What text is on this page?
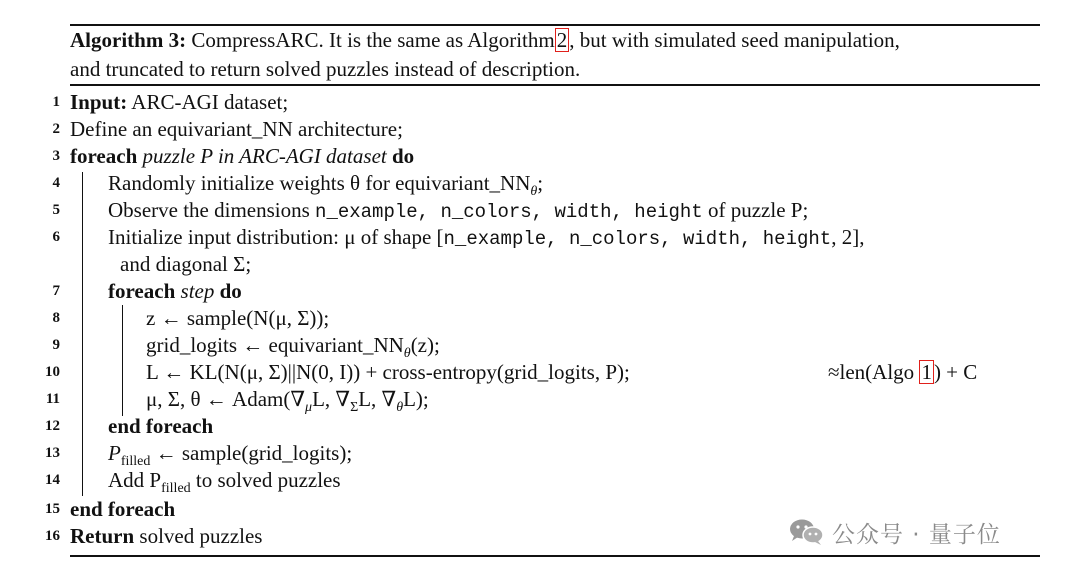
Algorithm 3: CompressARC. It is the same as Algorithm2, but with simulated seed manipulation,
and truncated to return solved puzzles instead of description.
1 Input: ARC-AGI dataset;
2 Define an equivariant_NN architecture;
3 foreach puzzle P in ARC-AGI dataset do
4 Randomly initialize weights θ for $equivariant\_NN_\theta$;
5 Observe the dimensions n_example, n_colors, width, height of puzzle P;
6 Initialize input distribution: μ of shape [n_example, n_colors, width, height, 2],
and diagonal Σ;
7 foreach step do
8	z ← sample(N(μ, Σ));
9	grid_logits ← $equivariant\_NN_\theta(z)$;
10	L ← KL(N(μ, Σ)||N(0, I)) + cross-entropy(grid_logits, P);	≈len(Algo 1) + C
11	μ, Σ, θ ← $Adam(\nabla_\mu L$, $\nabla_\Sigma L$, $\nabla_\theta L$);
12 end foreach
13 $P_{filled}$ ← sample(grid_logits);
14 Add $P_{filled}$ to solved puzzles
15 end foreach
16 Return solved puzzles	公众号 · 量子位
